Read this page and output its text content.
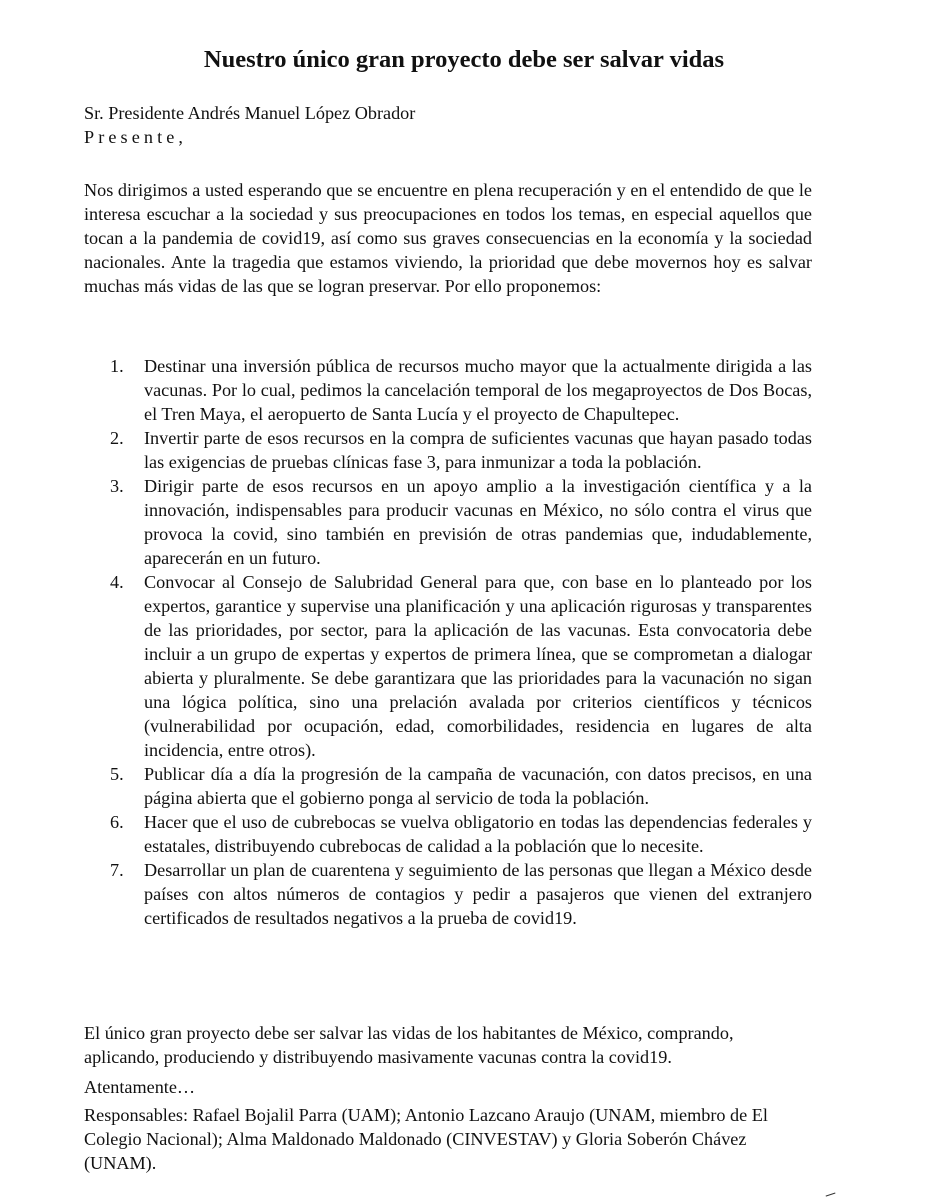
Nuestro único gran proyecto debe ser salvar vidas
Sr. Presidente Andrés Manuel López Obrador
Presente,

Nos dirigimos a usted esperando que se encuentre en plena recuperación y en el entendido de que le interesa escuchar a la sociedad y sus preocupaciones en todos los temas, en especial aquellos que tocan a la pandemia de covid19, así como sus graves consecuencias en la economía y la sociedad nacionales. Ante la tragedia que estamos viviendo, la prioridad que debe movernos hoy es salvar muchas más vidas de las que se logran preservar. Por ello proponemos:

1. Destinar una inversión pública de recursos mucho mayor que la actualmente dirigida a las vacunas. Por lo cual, pedimos la cancelación temporal de los megaproyectos de Dos Bocas, el Tren Maya, el aeropuerto de Santa Lucía y el proyecto de Chapultepec.
2. Invertir parte de esos recursos en la compra de suficientes vacunas que hayan pasado todas las exigencias de pruebas clínicas fase 3, para inmunizar a toda la población.
3. Dirigir parte de esos recursos en un apoyo amplio a la investigación científica y a la innovación, indispensables para producir vacunas en México, no sólo contra el virus que provoca la covid, sino también en previsión de otras pandemias que, indudablemente, aparecerán en un futuro.
4. Convocar al Consejo de Salubridad General para que, con base en lo planteado por los expertos, garantice y supervise una planificación y una aplicación rigurosas y transparentes de las prioridades, por sector, para la aplicación de las vacunas. Esta convocatoria debe incluir a un grupo de expertas y expertos de primera línea, que se comprometan a dialogar abierta y pluralmente. Se debe garantizara que las prioridades para la vacunación no sigan una lógica política, sino una prelación avalada por criterios científicos y técnicos (vulnerabilidad por ocupación, edad, comorbilidades, residencia en lugares de alta incidencia, entre otros).
5. Publicar día a día la progresión de la campaña de vacunación, con datos precisos, en una página abierta que el gobierno ponga al servicio de toda la población.
6. Hacer que el uso de cubrebocas se vuelva obligatorio en todas las dependencias federales y estatales, distribuyendo cubrebocas de calidad a la población que lo necesite.
7. Desarrollar un plan de cuarentena y seguimiento de las personas que llegan a México desde países con altos números de contagios y pedir a pasajeros que vienen del extranjero certificados de resultados negativos a la prueba de covid19.

El único gran proyecto debe ser salvar las vidas de los habitantes de México, comprando, aplicando, produciendo y distribuyendo masivamente vacunas contra la covid19.

Atentamente…

Responsables: Rafael Bojalil Parra (UAM); Antonio Lazcano Araujo (UNAM, miembro de El Colegio Nacional); Alma Maldonado Maldonado (CINVESTAV) y Gloria Soberón Chávez (UNAM).
